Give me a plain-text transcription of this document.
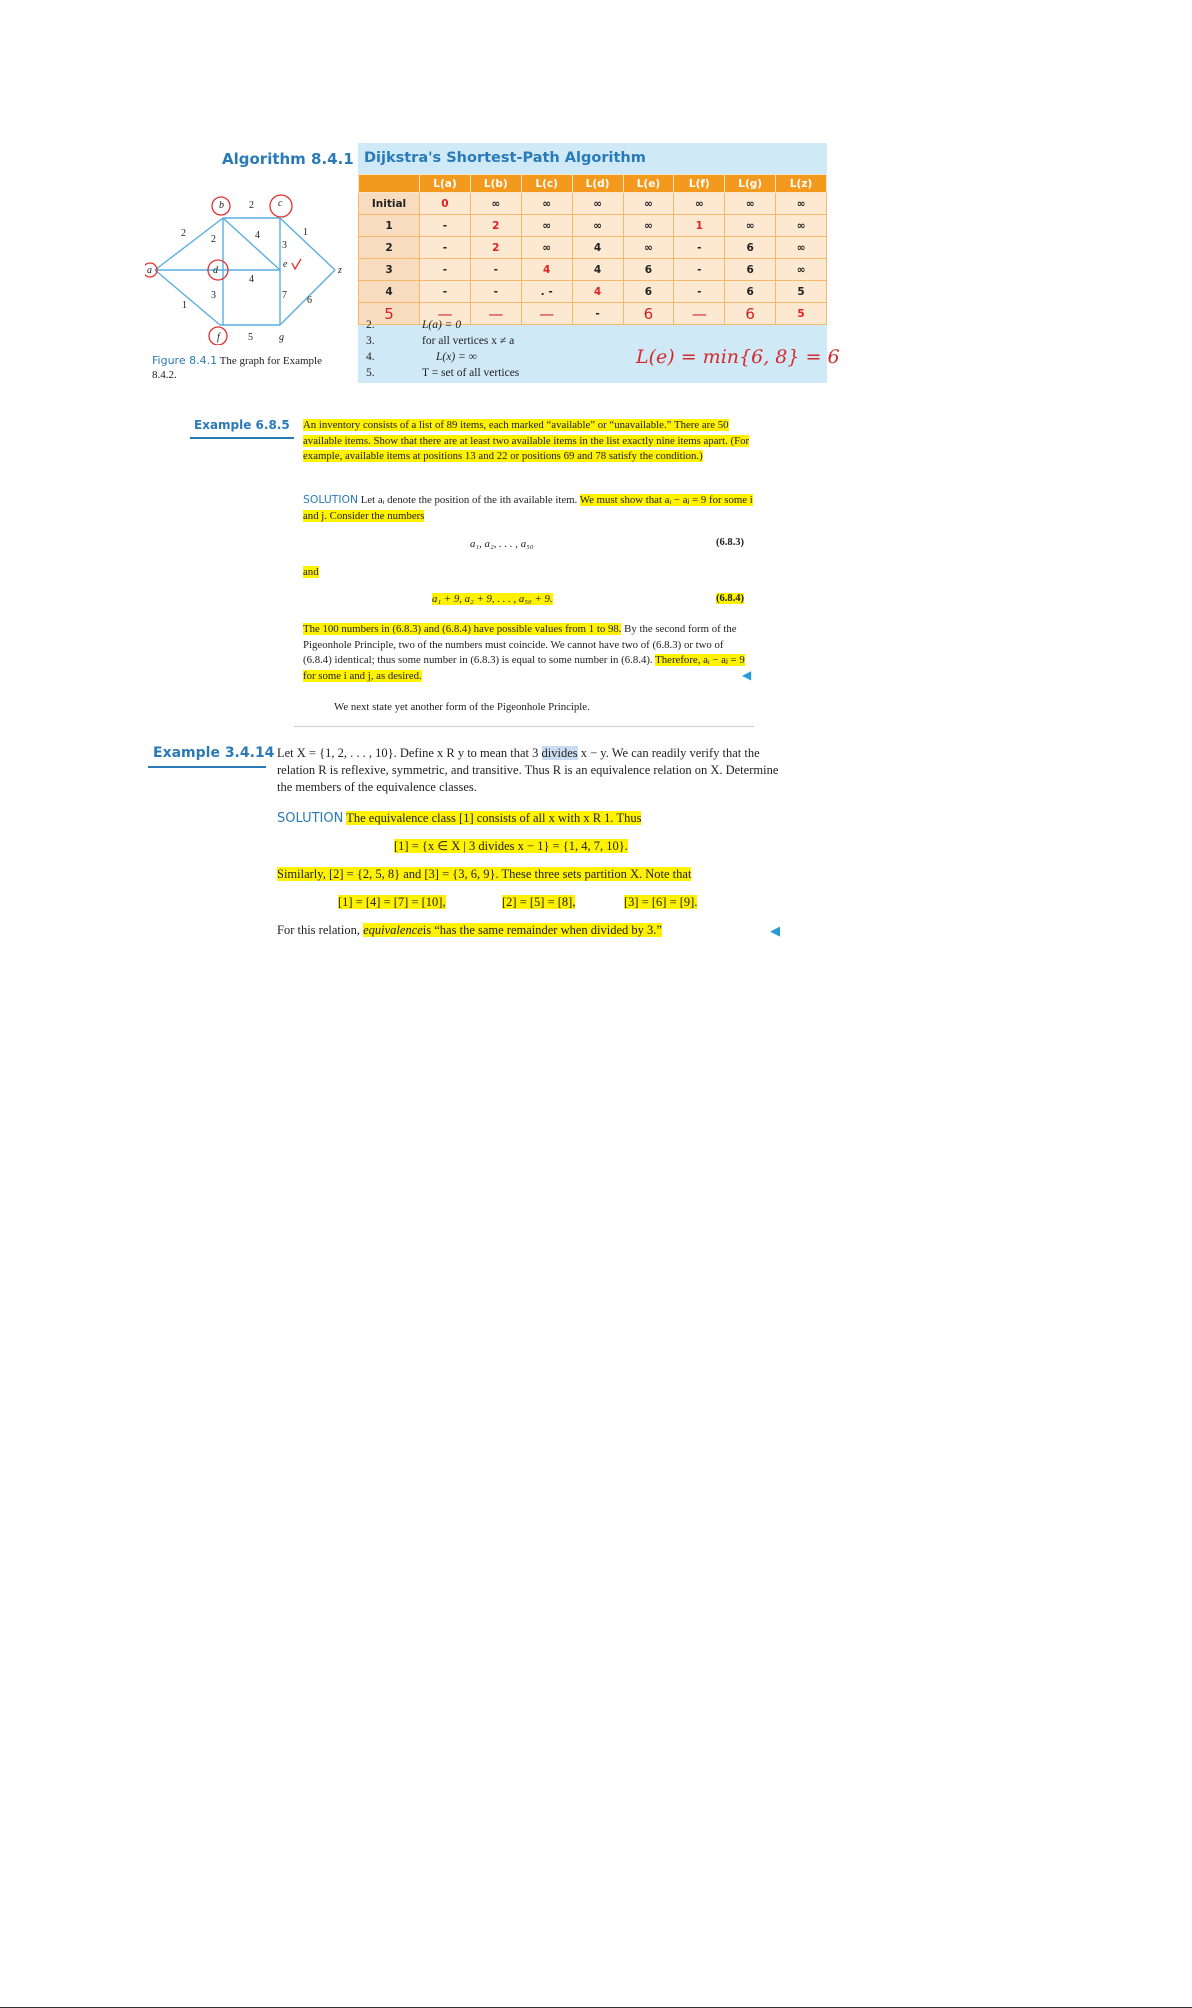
Algorithm 8.4.1 Dijkstra's Shortest-Path Algorithm
	L(a)	L(b)	L(c)	L(d)	L(e)	L(f)	L(g)	L(z)
Initial	0	∞	∞	∞	∞	∞	∞	∞
1	-	2	∞	∞	∞	1	∞	∞
2	-	2	∞	4	∞	-	6	∞
3	-	-	4	4	6	-	6	∞
4	-	-	. -	4	6	-	6	5
5	—	—	—	-	6	—	6	5
2.	L(a) = 0
3.	for all vertices x ≠ a
4.	L(x) = ∞
5.	T = set of all vertices
L(e) = min{6, 8} = 6
a
b	c
d
e
f	g
z
2
2
4
2
3
1
4
3	7 6
5
1
Figure 8.4.1 The graph for Example 8.4.2.
Example 6.8.5 An inventory consists of a list of 89 items, each marked “available” or “unavailable.” There are 50 available items. Show that there are at least two available items in the list exactly nine items apart. (For example, available items at positions 13 and 22 or positions 69 and 78 satisfy the condition.)
SOLUTION Let aᵢ denote the position of the ith available item. We must show that aᵢ − aⱼ = 9 for some i and j. Consider the numbers
a₁, a₂, . . . , a₅₀	(6.8.3)
and
a₁ + 9, a₂ + 9, . . . , a₅₀ + 9.	(6.8.4)
The 100 numbers in (6.8.3) and (6.8.4) have possible values from 1 to 98. By the second form of the Pigeonhole Principle, two of the numbers must coincide. We cannot have two of (6.8.3) or two of (6.8.4) identical; thus some number in (6.8.3) is equal to some number in (6.8.4). Therefore, aᵢ − aⱼ = 9 for some i and j, as desired.	◀
We next state yet another form of the Pigeonhole Principle.
Example 3.4.14 Let X = {1, 2, . . . , 10}. Define x R y to mean that 3 divides x − y. We can readily verify that the relation R is reflexive, symmetric, and transitive. Thus R is an equivalence relation on X. Determine the members of the equivalence classes.
SOLUTION The equivalence class [1] consists of all x with x R 1. Thus
[1] = {x ∈ X | 3 divides x − 1} = {1, 4, 7, 10}.
Similarly, [2] = {2, 5, 8} and [3] = {3, 6, 9}. These three sets partition X. Note that
[1] = [4] = [7] = [10],	[2] = [5] = [8],	[3] = [6] = [9].
For this relation, equivalenceis “has the same remainder when divided by 3.”	◀
